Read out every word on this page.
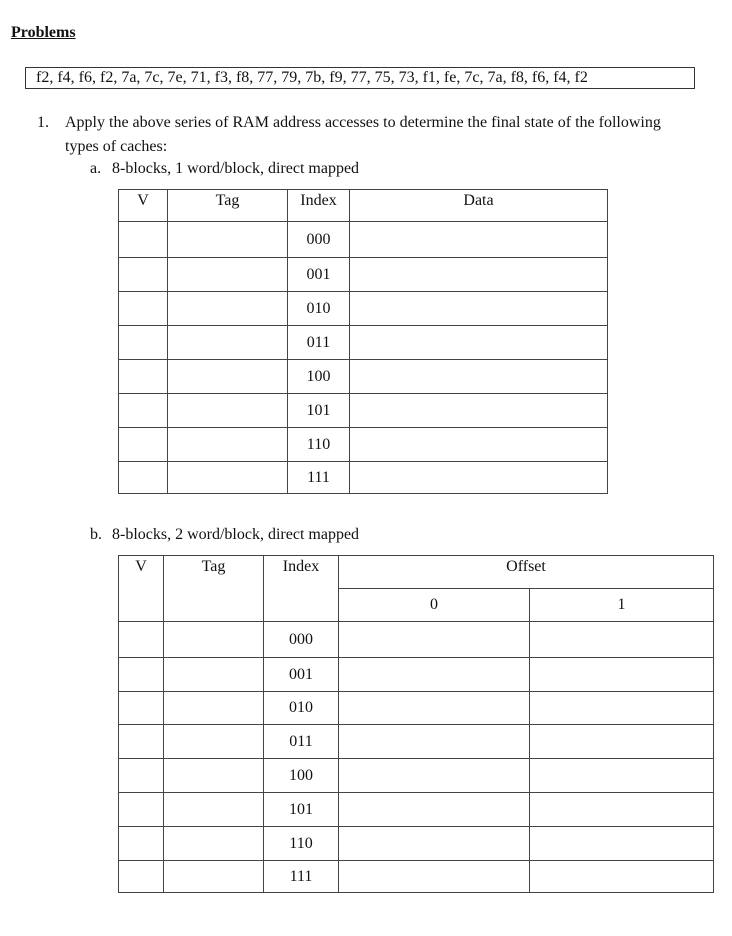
Problems
f2, f4, f6, f2, 7a, 7c, 7e, 71, f3, f8, 77, 79, 7b, f9, 77, 75, 73, f1, fe, 7c, 7a, f8, f6, f4, f2
1. Apply the above series of RAM address accesses to determine the final state of the following types of caches:
a. 8-blocks, 1 word/block, direct mapped
V	Tag	Index	Data
		000	
		001	
		010	
		011	
		100	
		101	
		110	
		111	
b. 8-blocks, 2 word/block, direct mapped
V	Tag	Index	Offset	
			0	1
		000		
		001		
		010		
		011		
		100		
		101		
		110		
		111		
